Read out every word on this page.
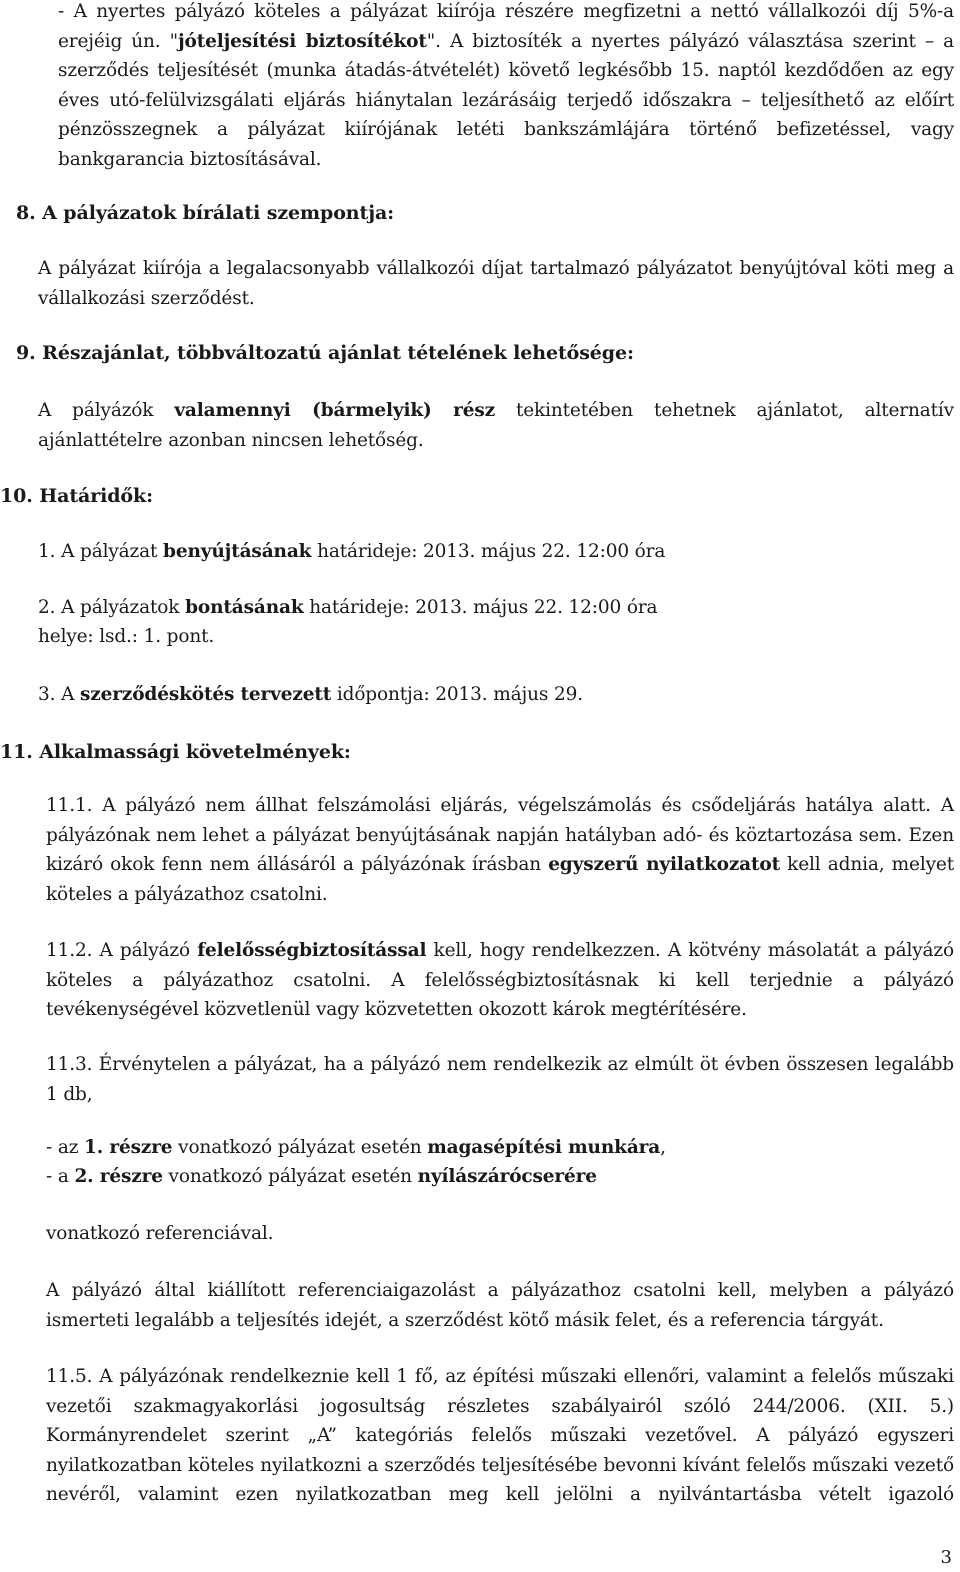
- A nyertes pályázó köteles a pályázat kiírója részére megfizetni a nettó vállalkozói díj 5%-a erejéig ún. "jóteljesítési biztosítékot". A biztosíték a nyertes pályázó választása szerint – a szerződés teljesítését (munka átadás-átvételét) követő legkésőbb 15. naptól kezdődően az egy éves utó-felülvizsgálati eljárás hiánytalan lezárásáig terjedő időszakra – teljesíthető az előírt pénzösszegnek a pályázat kiírójának letéti bankszámlájára történő befizetéssel, vagy bankgarancia biztosításával.
8. A pályázatok bírálati szempontja:
A pályázat kiírója a legalacsonyabb vállalkozói díjat tartalmazó pályázatot benyújtóval köti meg a vállalkozási szerződést.
9. Részajánlat, többváltozatú ajánlat tételének lehetősége:
A pályázók valamennyi (bármelyik) rész tekintetében tehetnek ajánlatot, alternatív ajánlattételre azonban nincsen lehetőség.
10. Határidők:
1. A pályázat benyújtásának határideje: 2013. május 22. 12:00 óra
2. A pályázatok bontásának határideje: 2013. május 22. 12:00 óra
helye: lsd.: 1. pont.
3. A szerződéskötés tervezett időpontja: 2013. május 29.
11. Alkalmassági követelmények:
11.1. A pályázó nem állhat felszámolási eljárás, végelszámolás és csődeljárás hatálya alatt. A pályázónak nem lehet a pályázat benyújtásának napján hatályban adó- és köztartozása sem. Ezen kizáró okok fenn nem állásáról a pályázónak írásban egyszerű nyilatkozatot kell adnia, melyet köteles a pályázathoz csatolni.
11.2. A pályázó felelősségbiztosítással kell, hogy rendelkezzen. A kötvény másolatát a pályázó köteles a pályázathoz csatolni. A felelősségbiztosításnak ki kell terjednie a pályázó tevékenységével közvetlenül vagy közvetetten okozott károk megtérítésére.
11.3. Érvénytelen a pályázat, ha a pályázó nem rendelkezik az elmúlt öt évben összesen legalább 1 db,
- az 1. részre vonatkozó pályázat esetén magasépítési munkára,
- a 2. részre vonatkozó pályázat esetén nyílászárócserére
vonatkozó referenciával.
A pályázó által kiállított referenciaigazolást a pályázathoz csatolni kell, melyben a pályázó ismerteti legalább a teljesítés idejét, a szerződést kötő másik felet, és a referencia tárgyát.
11.5. A pályázónak rendelkeznie kell 1 fő, az építési műszaki ellenőri, valamint a felelős műszaki vezetői szakmagyakorlási jogosultság részletes szabályairól szóló 244/2006. (XII. 5.) Kormányrendelet szerint „A” kategóriás felelős műszaki vezetővel. A pályázó egyszeri nyilatkozatban köteles nyilatkozni a szerződés teljesítésébe bevonni kívánt felelős műszaki vezető nevéről, valamint ezen nyilatkozatban meg kell jelölni a nyilvántartásba vételt igazoló
3
